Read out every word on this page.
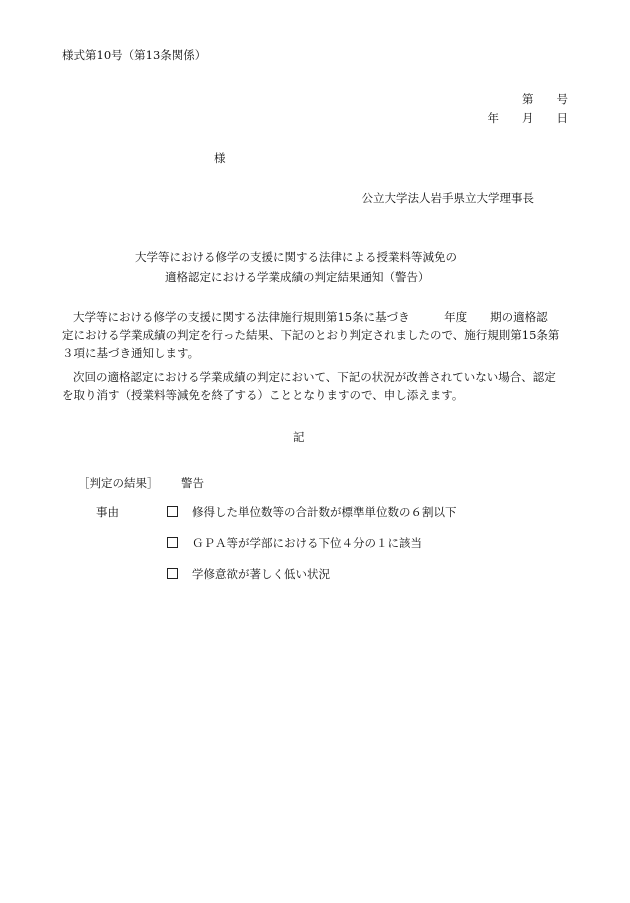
様式第10号（第13条関係）
第　　号
年　　月　　日
様
公立大学法人岩手県立大学理事長
大学等における修学の支援に関する法律による授業料等減免の
適格認定における学業成績の判定結果通知（警告）
大学等における修学の支援に関する法律施行規則第15条に基づき　　　年度　　期の適格認
定における学業成績の判定を行った結果、下記のとおり判定されましたので、施行規則第15条第
３項に基づき通知します。
次回の適格認定における学業成績の判定において、下記の状況が改善されていない場合、認定
を取り消す（授業料等減免を終了する）こととなりますので、申し添えます。
記
［判定の結果］ 警告
事由	修得した単位数等の合計数が標準単位数の６割以下
ＧＰＡ等が学部における下位４分の１に該当
学修意欲が著しく低い状況
